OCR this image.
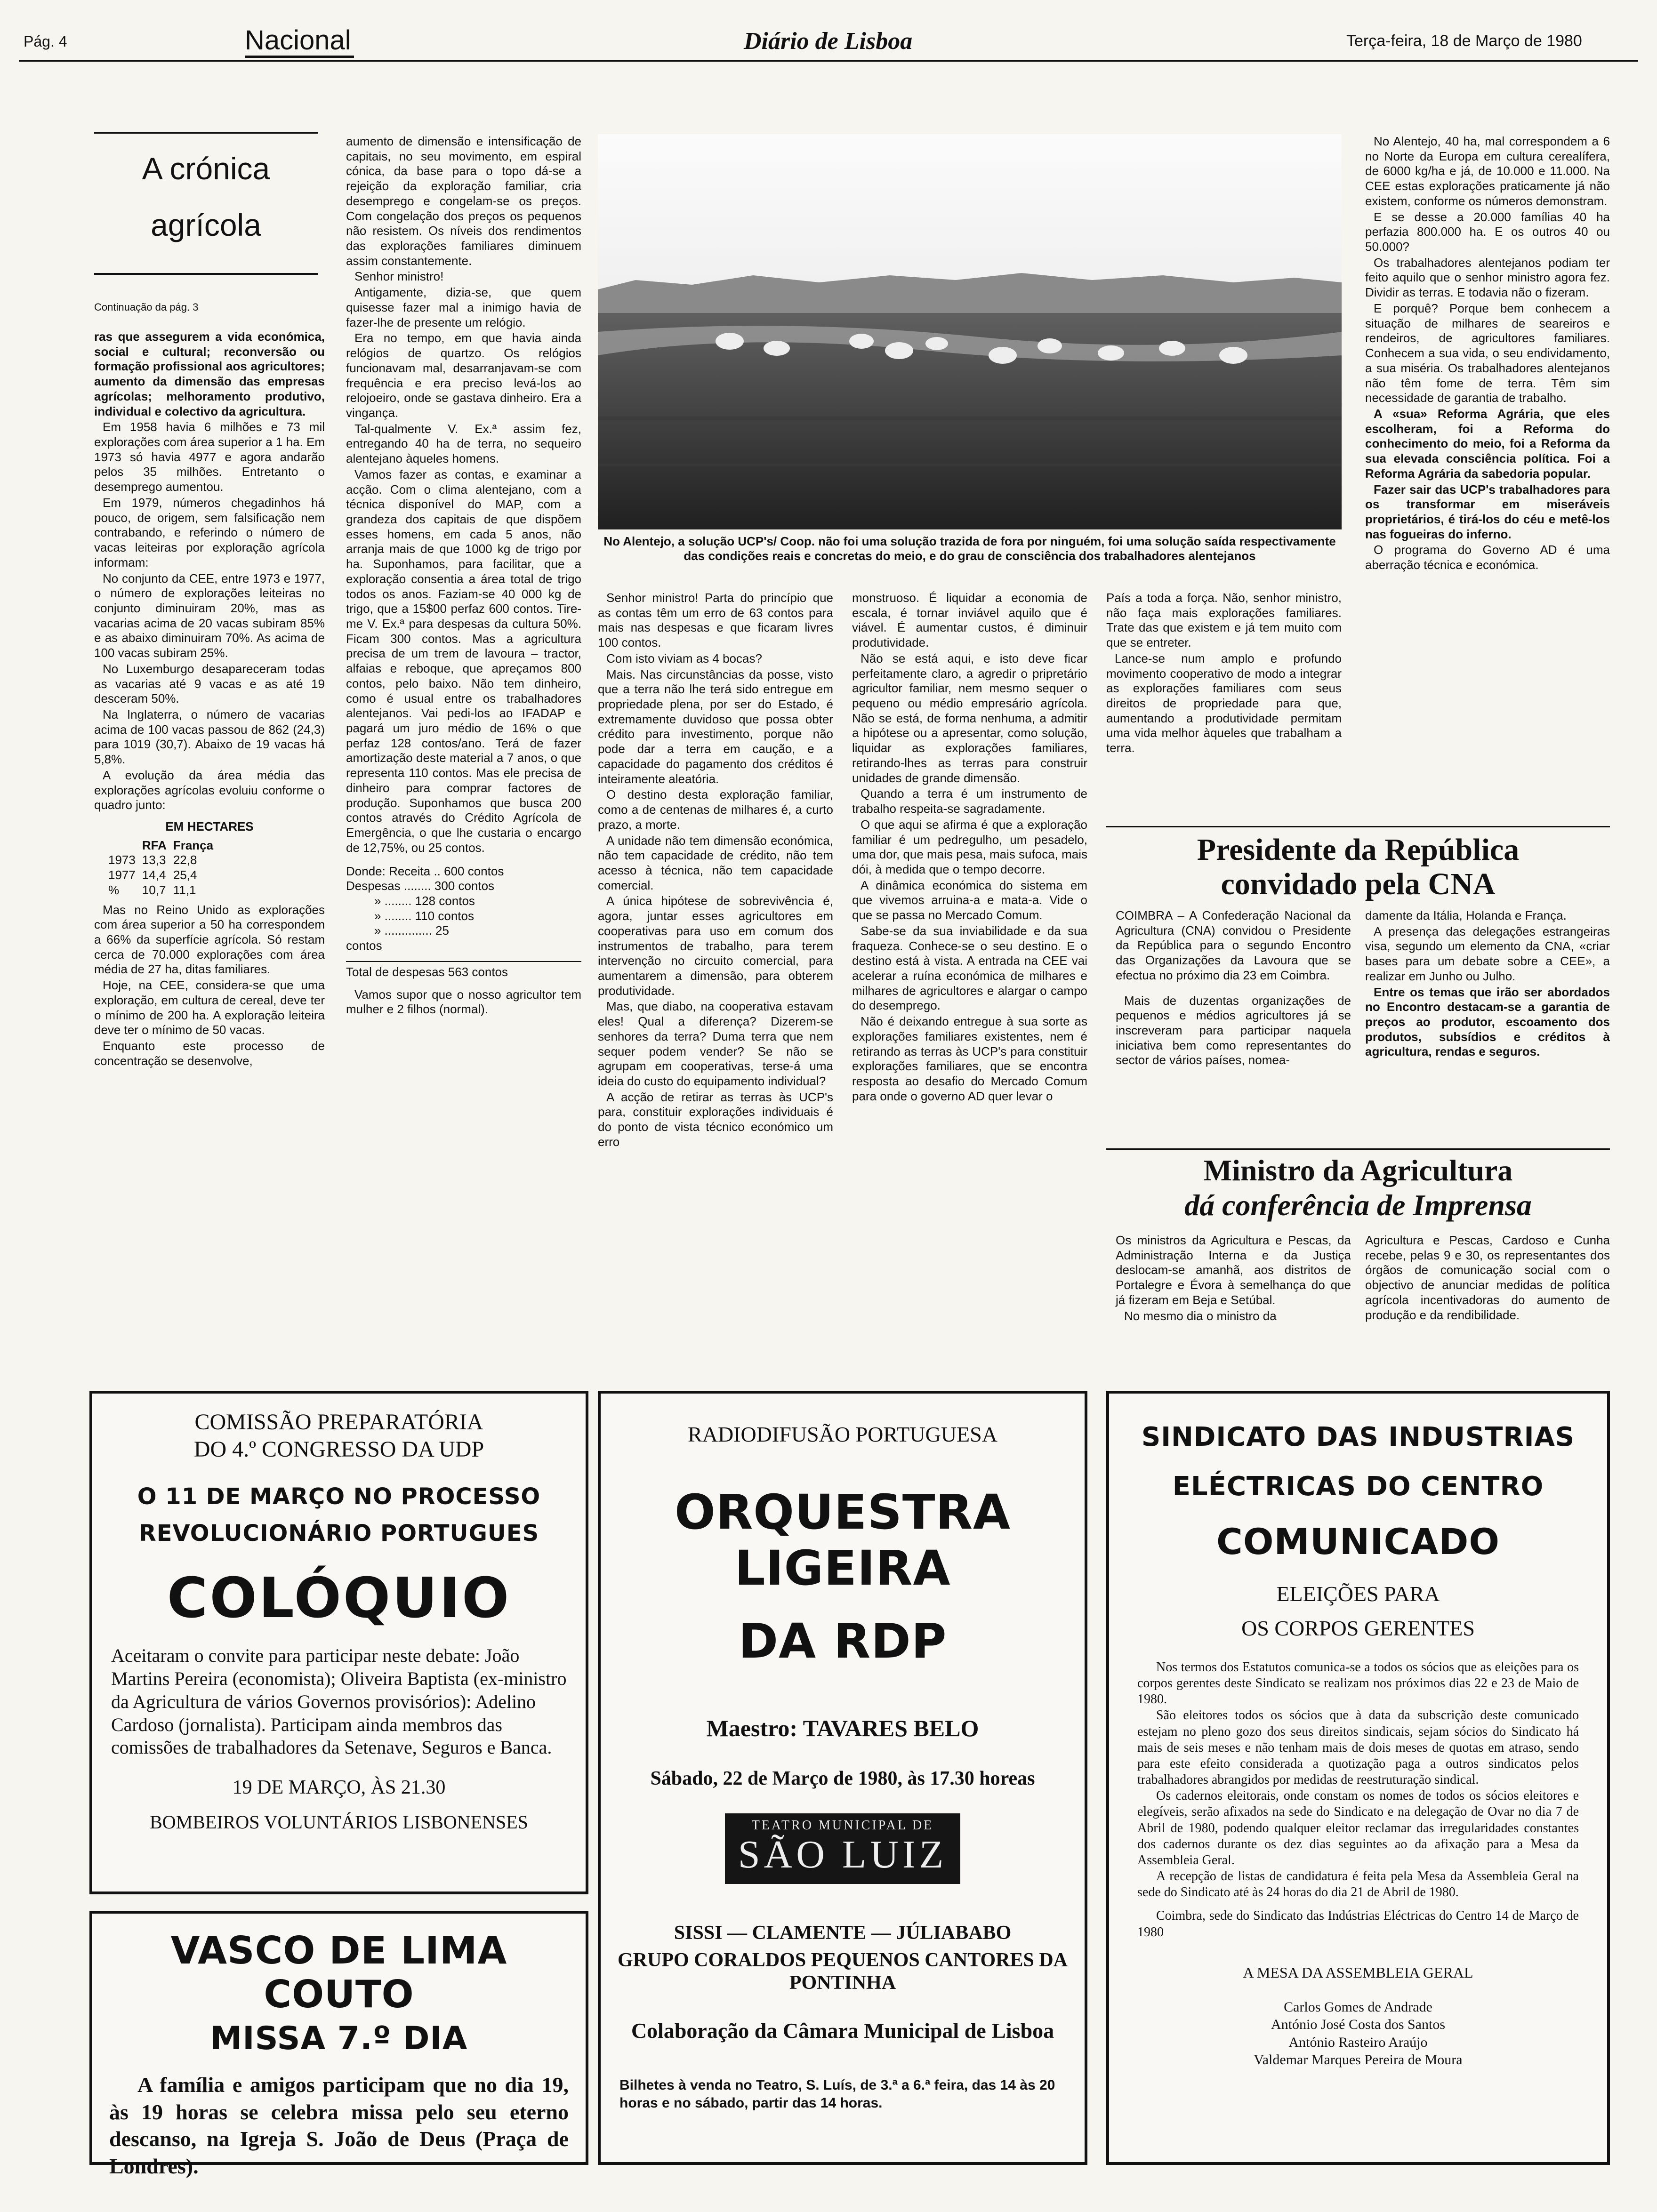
Pág. 4	Nacional	Diário de Lisboa	Terça-feira, 18 de Março de 1980
A crónica
agrícola
Continuação da pág. 3

ras que assegurem a vida económica, social e cultural; reconversão ou formação profissional aos agricultores; aumento da dimensão das empresas agrícolas; melhoramento produtivo, individual e colectivo da agricultura.

Em 1958 havia 6 milhões e 73 mil explorações com área superior a 1 ha. Em 1973 só havia 4977 e agora andarão pelos 35 milhões. Entretanto o desemprego aumentou.

Em 1979, números chegadinhos há pouco, de origem, sem falsificação nem contrabando, e referindo o número de vacas leiteiras por exploração agrícola informam:

No conjunto da CEE, entre 1973 e 1977, o número de explorações leiteiras no conjunto diminuiram 20%, mas as vacarias acima de 20 vacas subiram 85% e as abaixo diminuiram 70%. As acima de 100 vacas subiram 25%.

No Luxemburgo desapareceram todas as vacarias até 9 vacas e as até 19 desceram 50%.

Na Inglaterra, o número de vacarias acima de 100 vacas passou de 862 (24,3) para 1019 (30,7). Abaixo de 19 vacas há 5,8%.

A evolução da área média das explorações agrícolas evoluiu conforme o quadro junto:

EM HECTARES
	RFA	França
1973	13,3	22,8
1977	14,4	25,4
%	10,7	11,1

Mas no Reino Unido as explorações com área superior a 50 ha correspondem a 66% da superfície agrícola. Só restam cerca de 70.000 explorações com área média de 27 ha, ditas familiares.

Hoje, na CEE, considera-se que uma exploração, em cultura de cereal, deve ter o mínimo de 200 ha. A exploração leiteira deve ter o mínimo de 50 vacas.

Enquanto este processo de concentração se desenvolve,

aumento de dimensão e intensificação de capitais, no seu movimento, em espiral cónica, da base para o topo dá-se a rejeição da exploração familiar, cria desemprego e congelam-se os preços. Com congelação dos preços os pequenos não resistem. Os níveis dos rendimentos das explorações familiares diminuem assim constantemente.

Senhor ministro!

Antigamente, dizia-se, que quem quisesse fazer mal a inimigo havia de fazer-lhe de presente um relógio.

Era no tempo, em que havia ainda relógios de quartzo. Os relógios funcionavam mal, desarranjavam-se com frequência e era preciso levá-los ao relojoeiro, onde se gastava dinheiro. Era a vingança.

Tal-qualmente V. Ex.ª assim fez, entregando 40 ha de terra, no sequeiro alentejano àqueles homens.

Vamos fazer as contas, e examinar a acção. Com o clima alentejano, com a técnica disponível do MAP, com a grandeza dos capitais de que dispõem esses homens, em cada 5 anos, não arranja mais de que 1000 kg de trigo por ha. Suponhamos, para facilitar, que a exploração consentia a área total de trigo todos os anos. Faziam-se 40 000 kg de trigo, que a 15$00 perfaz 600 contos. Tire-me V. Ex.ª para despesas da cultura 50%. Ficam 300 contos. Mas a agricultura precisa de um trem de lavoura – tractor, alfaias e reboque, que apreçamos 800 contos, pelo baixo. Não tem dinheiro, como é usual entre os trabalhadores alentejanos. Vai pedi-los ao IFADAP e pagará um juro médio de 16% o que perfaz 128 contos/ano. Terá de fazer amortização deste material a 7 anos, o que representa 110 contos. Mas ele precisa de dinheiro para comprar factores de produção. Suponhamos que busca 200 contos através do Crédito Agrícola de Emergência, o que lhe custaria o encargo de 12,75%, ou 25 contos.

Donde: Receita .. 600 contos
Despesas ........ 300 contos
» ........ 128 contos
» ........ 110 contos
» .............. 25
contos
Total de despesas 563 contos

Vamos supor que o nosso agricultor tem mulher e 2 filhos (normal).

No Alentejo, a solução UCP's/ Coop. não foi uma solução trazida de fora por ninguém, foi uma solução saída respectivamente das condições reais e concretas do meio, e do grau de consciência dos trabalhadores alentejanos

Senhor ministro! Parta do princípio que as contas têm um erro de 63 contos para mais nas despesas e que ficaram livres 100 contos.

Com isto viviam as 4 bocas?

Mais. Nas circunstâncias da posse, visto que a terra não lhe terá sido entregue em propriedade plena, por ser do Estado, é extremamente duvidoso que possa obter crédito para investimento, porque não pode dar a terra em caução, e a capacidade do pagamento dos créditos é inteiramente aleatória.

O destino desta exploração familiar, como a de centenas de milhares é, a curto prazo, a morte.

A unidade não tem dimensão económica, não tem capacidade de crédito, não tem acesso à técnica, não tem capacidade comercial.

A única hipótese de sobrevivência é, agora, juntar esses agricultores em cooperativas para uso em comum dos instrumentos de trabalho, para terem intervenção no circuito comercial, para aumentarem a dimensão, para obterem produtividade.

Mas, que diabo, na cooperativa estavam eles! Qual a diferença? Dizerem-se senhores da terra? Duma terra que nem sequer podem vender? Se não se agrupam em cooperativas, terse-á uma ideia do custo do equipamento individual?

A acção de retirar as terras às UCP's para, constituir explorações individuais é do ponto de vista técnico económico um erro

monstruoso. É liquidar a economia de escala, é tornar inviável aquilo que é viável. É aumentar custos, é diminuir produtividade.

Não se está aqui, e isto deve ficar perfeitamente claro, a agredir o pripretário agricultor familiar, nem mesmo sequer o pequeno ou médio empresário agrícola. Não se está, de forma nenhuma, a admitir a hipótese ou a apresentar, como solução, liquidar as explorações familiares, retirando-lhes as terras para construir unidades de grande dimensão.

Quando a terra é um instrumento de trabalho respeita-se sagradamente.

O que aqui se afirma é que a exploração familiar é um pedregulho, um pesadelo, uma dor, que mais pesa, mais sufoca, mais dói, à medida que o tempo decorre.

A dinâmica económica do sistema em que vivemos arruina-a e mata-a. Vide o que se passa no Mercado Comum.

Sabe-se da sua inviabilidade e da sua fraqueza. Conhece-se o seu destino. E o destino está à vista. A entrada na CEE vai acelerar a ruína económica de milhares e milhares de agricultores e alargar o campo do desemprego.

Não é deixando entregue à sua sorte as explorações familiares existentes, nem é retirando as terras às UCP's para constituir explorações familiares, que se encontra resposta ao desafio do Mercado Comum para onde o governo AD quer levar o

País a toda a força. Não, senhor ministro, não faça mais explorações familiares. Trate das que existem e já tem muito com que se entreter.

Lance-se num amplo e profundo movimento cooperativo de modo a integrar as explorações familiares com seus direitos de propriedade para que, aumentando a produtividade permitam uma vida melhor àqueles que trabalham a terra.

No Alentejo, 40 ha, mal correspondem a 6 no Norte da Europa em cultura cerealífera, de 6000 kg/ha e já, de 10.000 e 11.000. Na CEE estas explorações praticamente já não existem, conforme os números demonstram.

E se desse a 20.000 famílias 40 ha perfazia 800.000 ha. E os outros 40 ou 50.000?

Os trabalhadores alentejanos podiam ter feito aquilo que o senhor ministro agora fez. Dividir as terras. E todavia não o fizeram.

E porquê? Porque bem conhecem a situação de milhares de seareiros e rendeiros, de agricultores familiares. Conhecem a sua vida, o seu endividamento, a sua miséria. Os trabalhadores alentejanos não têm fome de terra. Têm sim necessidade de garantia de trabalho.

A «sua» Reforma Agrária, que eles escolheram, foi a Reforma do conhecimento do meio, foi a Reforma da sua elevada consciência política. Foi a Reforma Agrária da sabedoria popular.

Fazer sair das UCP's trabalhadores para os transformar em miseráveis proprietários, é tirá-los do céu e metê-los nas fogueiras do inferno.

O programa do Governo AD é uma aberração técnica e económica.

Presidente da República
convidado pela CNA

COIMBRA – A Confederação Nacional da Agricultura (CNA) convidou o Presidente da República para o segundo Encontro das Organizações da Lavoura que se efectua no próximo dia 23 em Coimbra.

Mais de duzentas organizações de pequenos e médios agricultores já se inscreveram para participar naquela iniciativa bem como representantes do sector de vários países, nomea-

damente da Itália, Holanda e França.

A presença das delegações estrangeiras visa, segundo um elemento da CNA, «criar bases para um debate sobre a CEE», a realizar em Junho ou Julho.

Entre os temas que irão ser abordados no Encontro destacam-se a garantia de preços ao produtor, escoamento dos produtos, subsídios e créditos à agricultura, rendas e seguros.

Ministro da Agricultura
dá conferência de Imprensa

Os ministros da Agricultura e Pescas, da Administração Interna e da Justiça deslocam-se amanhã, aos distritos de Portalegre e Évora à semelhança do que já fizeram em Beja e Setúbal.

No mesmo dia o ministro da

Agricultura e Pescas, Cardoso e Cunha recebe, pelas 9 e 30, os representantes dos órgãos de comunicação social com o objectivo de anunciar medidas de política agrícola incentivadoras do aumento de produção e da rendibilidade.

COMISSÃO PREPARATÓRIA
DO 4.º CONGRESSO DA UDP
O 11 DE MARÇO NO PROCESSO
REVOLUCIONÁRIO PORTUGUES
COLÓQUIO
Aceitaram o convite para participar neste debate: João Martins Pereira (economista); Oliveira Baptista (ex-ministro da Agricultura de vários Governos provisórios): Adelino Cardoso (jornalista). Participam ainda membros das comissões de trabalhadores da Setenave, Seguros e Banca.
19 DE MARÇO, ÀS 21.30
BOMBEIROS VOLUNTÁRIOS LISBONENSES
VASCO DE LIMA COUTO
MISSA 7.º DIA
A família e amigos participam que no dia 19, às 19 horas se celebra missa pelo seu eterno descanso, na Igreja S. João de Deus (Praça de Londres).
RADIODIFUSÃO PORTUGUESA
ORQUESTRA LIGEIRA
DA RDP
Maestro: TAVARES BELO
Sábado, 22 de Março de 1980, às 17.30 horeas
TEATRO MUNICIPAL DE
SÃO LUIZ
SISSI — CLAMENTE — JÚLIABABO
GRUPO CORALDOS PEQUENOS CANTORES DA
PONTINHA
Colaboração da Câmara Municipal de Lisboa
Bilhetes à venda no Teatro, S. Luís, de 3.ª a 6.ª feira, das 14 às 20 horas e no sábado, partir das 14 horas.
SINDICATO DAS INDUSTRIAS
ELÉCTRICAS DO CENTRO
COMUNICADO
ELEIÇÕES PARA
OS CORPOS GERENTES

Nos termos dos Estatutos comunica-se a todos os sócios que as eleições para os corpos gerentes deste Sindicato se realizam nos próximos dias 22 e 23 de Maio de 1980.

São eleitores todos os sócios que à data da subscrição deste comunicado estejam no pleno gozo dos seus direitos sindicais, sejam sócios do Sindicato há mais de seis meses e não tenham mais de dois meses de quotas em atraso, sendo para este efeito considerada a quotização paga a outros sindicatos pelos trabalhadores abrangidos por medidas de reestruturação sindical.

Os cadernos eleitorais, onde constam os nomes de todos os sócios eleitores e elegíveis, serão afixados na sede do Sindicato e na delegação de Ovar no dia 7 de Abril de 1980, podendo qualquer eleitor reclamar das irregularidades constantes dos cadernos durante os dez dias seguintes ao da afixação para a Mesa da Assembleia Geral.

A recepção de listas de candidatura é feita pela Mesa da Assembleia Geral na sede do Sindicato até às 24 horas do dia 21 de Abril de 1980.

Coimbra, sede do Sindicato das Indústrias Eléctricas do Centro 14 de Março de 1980

A MESA DA ASSEMBLEIA GERAL
Carlos Gomes de Andrade
António José Costa dos Santos
António Rasteiro Araújo
Valdemar Marques Pereira de Moura
